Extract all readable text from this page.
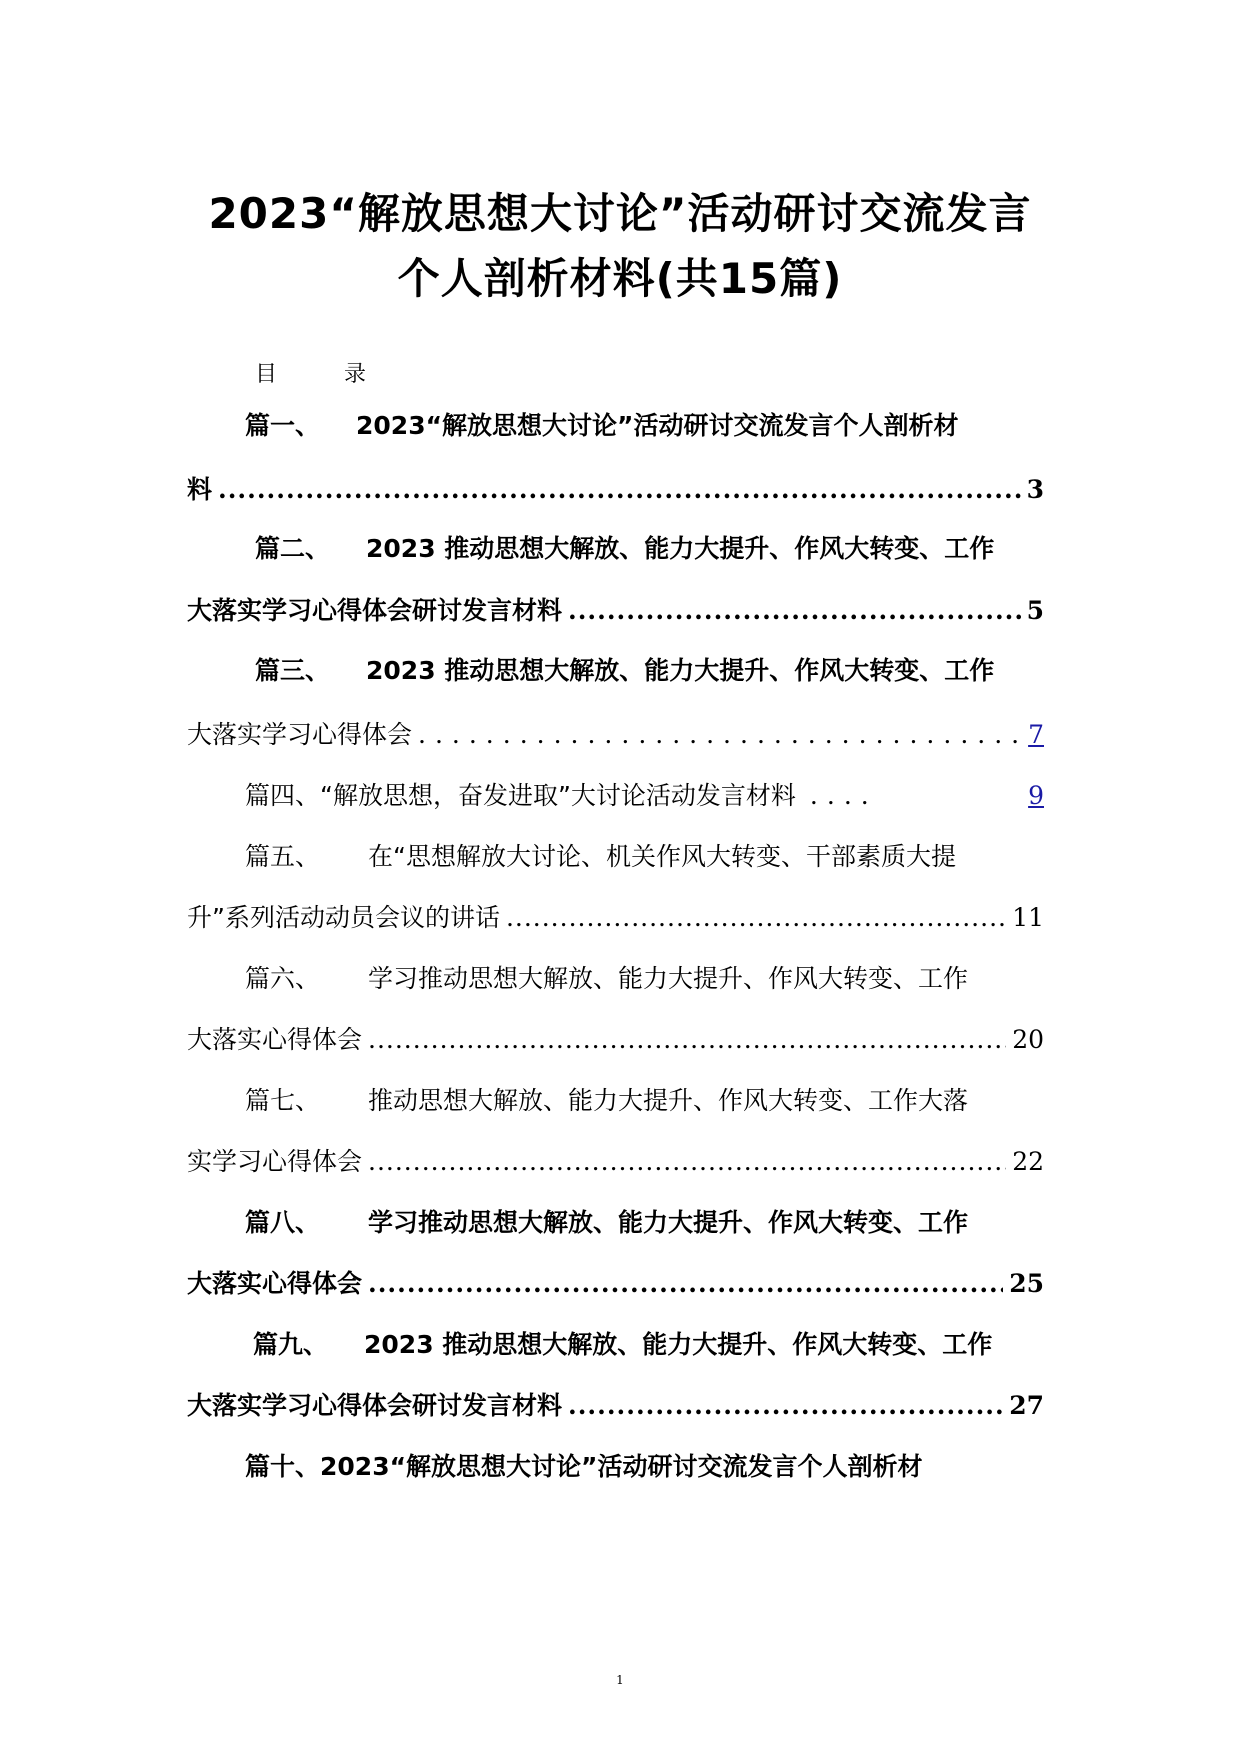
2023“解放思想大讨论”活动研讨交流发言
个人剖析材料(共15篇)
目 录
篇一、 2023“解放思想大讨论”活动研讨交流发言个人剖析材
料 .....	3
篇二、 2023 推动思想大解放、能力大提升、作风大转变、工作
大落实学习心得体会研讨发言材料 .....	5
篇三、 2023 推动思想大解放、能力大提升、作风大转变、工作
大落实学习心得体会 .....	7
篇四、 “解放思想，奋发进取”大讨论活动发言材料 .....	9
篇五、 在“思想解放大讨论、机关作风大转变、干部素质大提
升”系列活动动员会议的讲话 .....	11
篇六、 学习推动思想大解放、能力大提升、作风大转变、工作
大落实心得体会 .....	20
篇七、 推动思想大解放、能力大提升、作风大转变、工作大落
实学习心得体会 .....	22
篇八、 学习推动思想大解放、能力大提升、作风大转变、工作
大落实心得体会 .....	25
篇九、 2023 推动思想大解放、能力大提升、作风大转变、工作
大落实学习心得体会研讨发言材料 .....	27
篇十、2023“解放思想大讨论”活动研讨交流发言个人剖析材
1
